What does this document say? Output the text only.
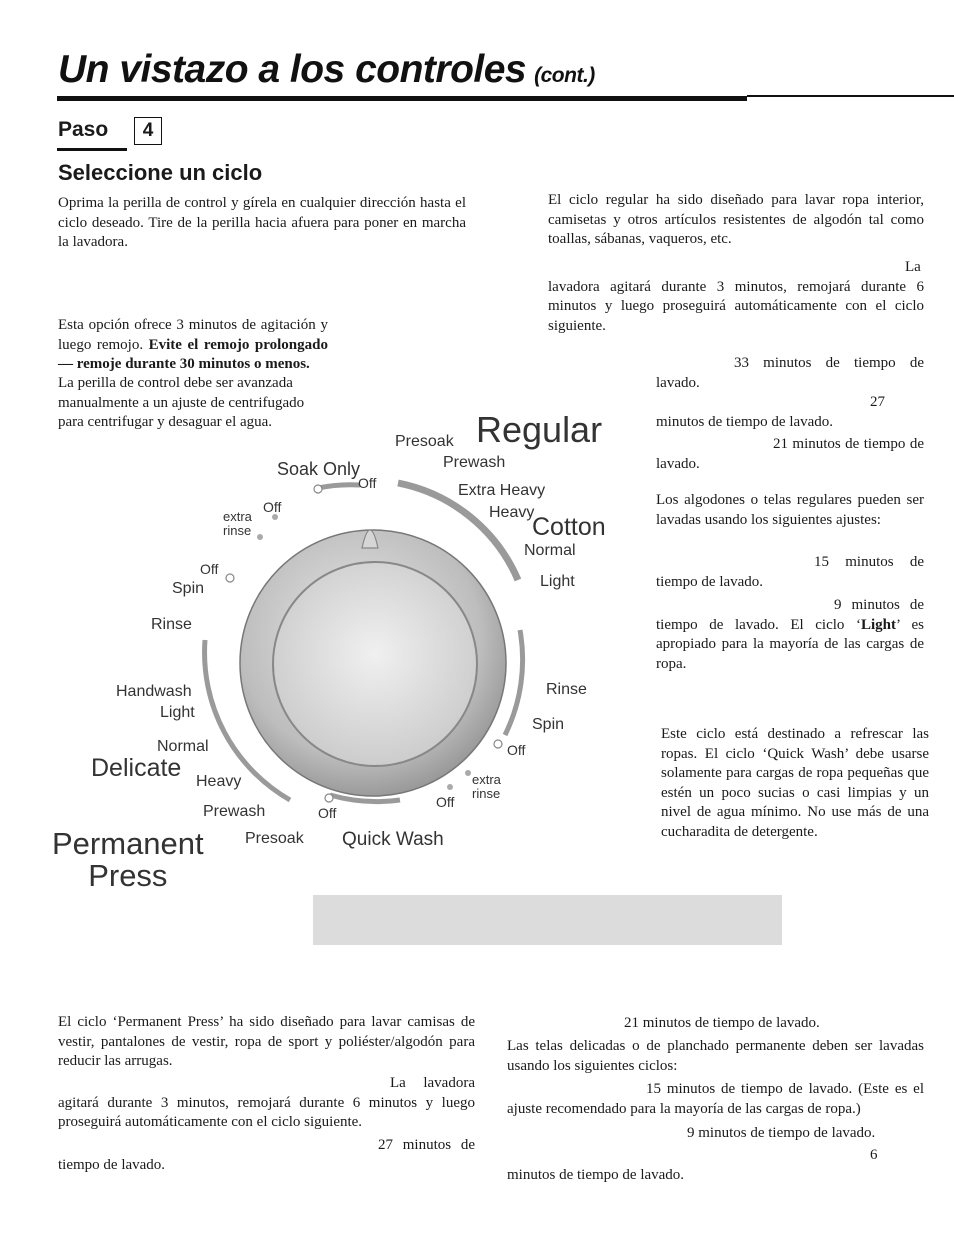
Un vistazo a los controles (cont.)
Paso	4
Seleccione un ciclo
Oprima la perilla de control y gírela en cualquier dirección hasta el ciclo deseado. Tire de la perilla hacia afuera para poner en marcha la lavadora.
Esta opción ofrece 3 minutos de agitación y luego remojo. Evite el remojo prolongado — remoje durante 30 minutos o menos.
La perilla de control debe ser avanzada manualmente a un ajuste de centrifugado para centrifugar y desaguar el agua.
El ciclo regular ha sido diseñado para lavar ropa interior, camisetas y otros artículos resistentes de algodón tal como toallas, sábanas, vaqueros, etc.
La lavadora agitará durante 3 minutos, remojará durante 6 minutos y luego proseguirá automáticamente con el ciclo siguiente.
33 minutos de tiempo de lavado.
27 minutos de tiempo de lavado.
21 minutos de tiempo de lavado.
Los algodones o telas regulares pueden ser lavadas usando los siguientes ajustes:
15 minutos de tiempo de lavado.
9 minutos de tiempo de lavado. El ciclo ‘Light’ es apropiado para la mayoría de las cargas de ropa.
Este ciclo está destinado a refrescar las ropas. El ciclo ‘Quick Wash’ debe usarse solamente para cargas de ropa pequeñas que estén un poco sucias o casi limpias y un nivel de agua mínimo. No use más de una cucharadita de detergente.
El ciclo ‘Permanent Press’ ha sido diseñado para lavar camisas de vestir, pantalones de vestir, ropa de sport y poliéster/algodón para reducir las arrugas.
La lavadora agitará durante 3 minutos, remojará durante 6 minutos y luego proseguirá automáticamente con el ciclo siguiente.
27 minutos de tiempo de lavado.
21 minutos de tiempo de lavado.
Las telas delicadas o de planchado permanente deben ser lavadas usando los siguientes ciclos:
15 minutos de tiempo de lavado. (Este es el ajuste recomendado para la mayoría de las cargas de ropa.)
9 minutos de tiempo de lavado.
6 minutos de tiempo de lavado.
Regular
Presoak
Prewash
Extra Heavy
Heavy
Cotton
Normal
Light
Rinse
Spin
Off
extra
rinse
Off
Quick Wash
Off
Soak Only
Off
Off
extra
rinse
Off
Spin
Rinse
Handwash
Light
Normal
Delicate Heavy
Prewash
Presoak
Permanent
Press
